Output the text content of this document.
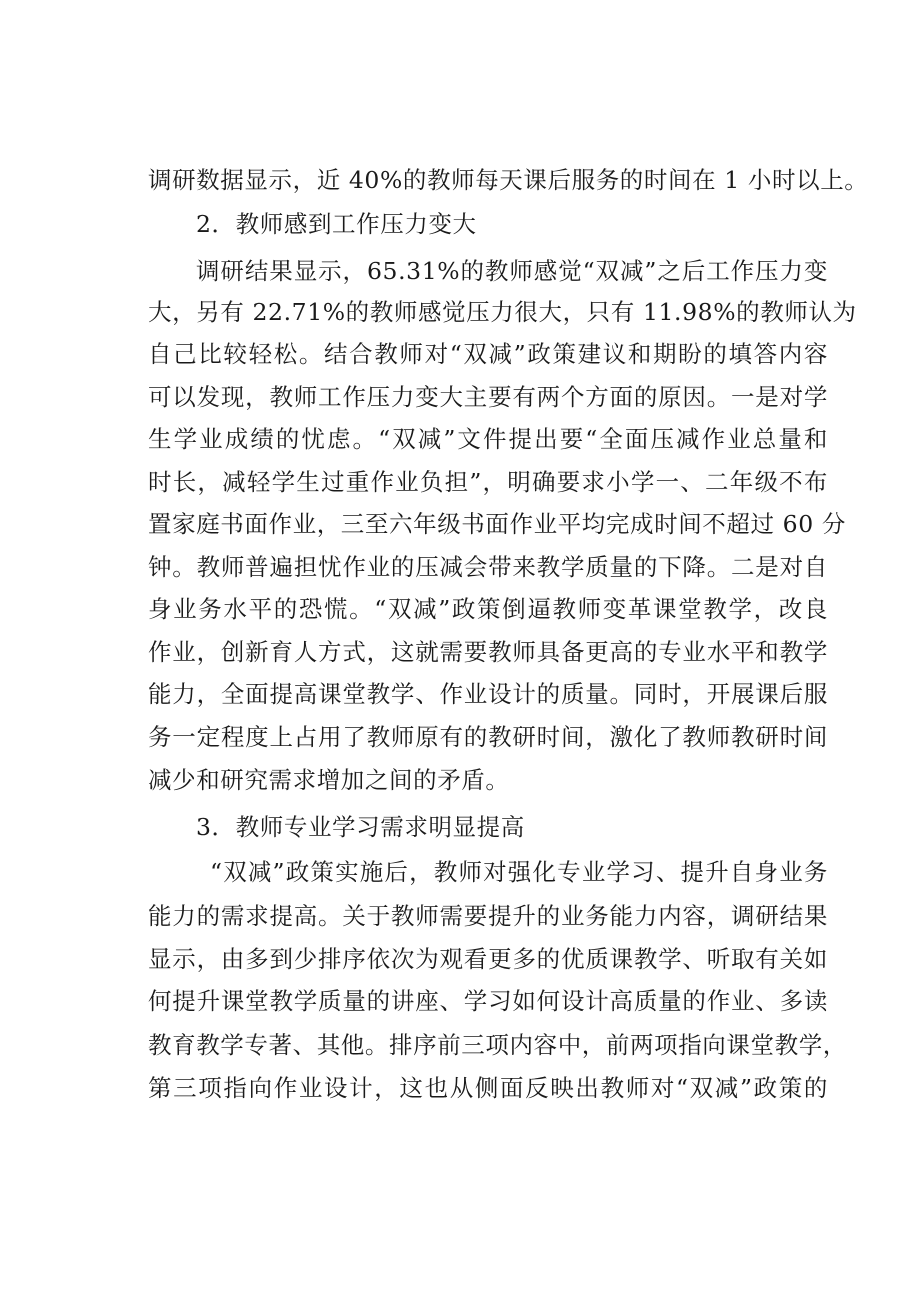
调研数据显示，近 40%的教师每天课后服务的时间在 1 小时以上。
2．教师感到工作压力变大
调研结果显示，65.31%的教师感觉“双减”之后工作压力变
大，另有 22.71%的教师感觉压力很大，只有 11.98%的教师认为
自己比较轻松。结合教师对“双减”政策建议和期盼的填答内容
可以发现，教师工作压力变大主要有两个方面的原因。一是对学
生学业成绩的忧虑。“双减”文件提出要“全面压减作业总量和
时长，减轻学生过重作业负担”，明确要求小学一、二年级不布
置家庭书面作业，三至六年级书面作业平均完成时间不超过 60 分
钟。教师普遍担忧作业的压减会带来教学质量的下降。二是对自
身业务水平的恐慌。“双减”政策倒逼教师变革课堂教学，改良
作业，创新育人方式，这就需要教师具备更高的专业水平和教学
能力，全面提高课堂教学、作业设计的质量。同时，开展课后服
务一定程度上占用了教师原有的教研时间，激化了教师教研时间
减少和研究需求增加之间的矛盾。
3．教师专业学习需求明显提高
“双减”政策实施后，教师对强化专业学习、提升自身业务
能力的需求提高。关于教师需要提升的业务能力内容，调研结果
显示，由多到少排序依次为观看更多的优质课教学、听取有关如
何提升课堂教学质量的讲座、学习如何设计高质量的作业、多读
教育教学专著、其他。排序前三项内容中，前两项指向课堂教学，
第三项指向作业设计，这也从侧面反映出教师对“双减”政策的
